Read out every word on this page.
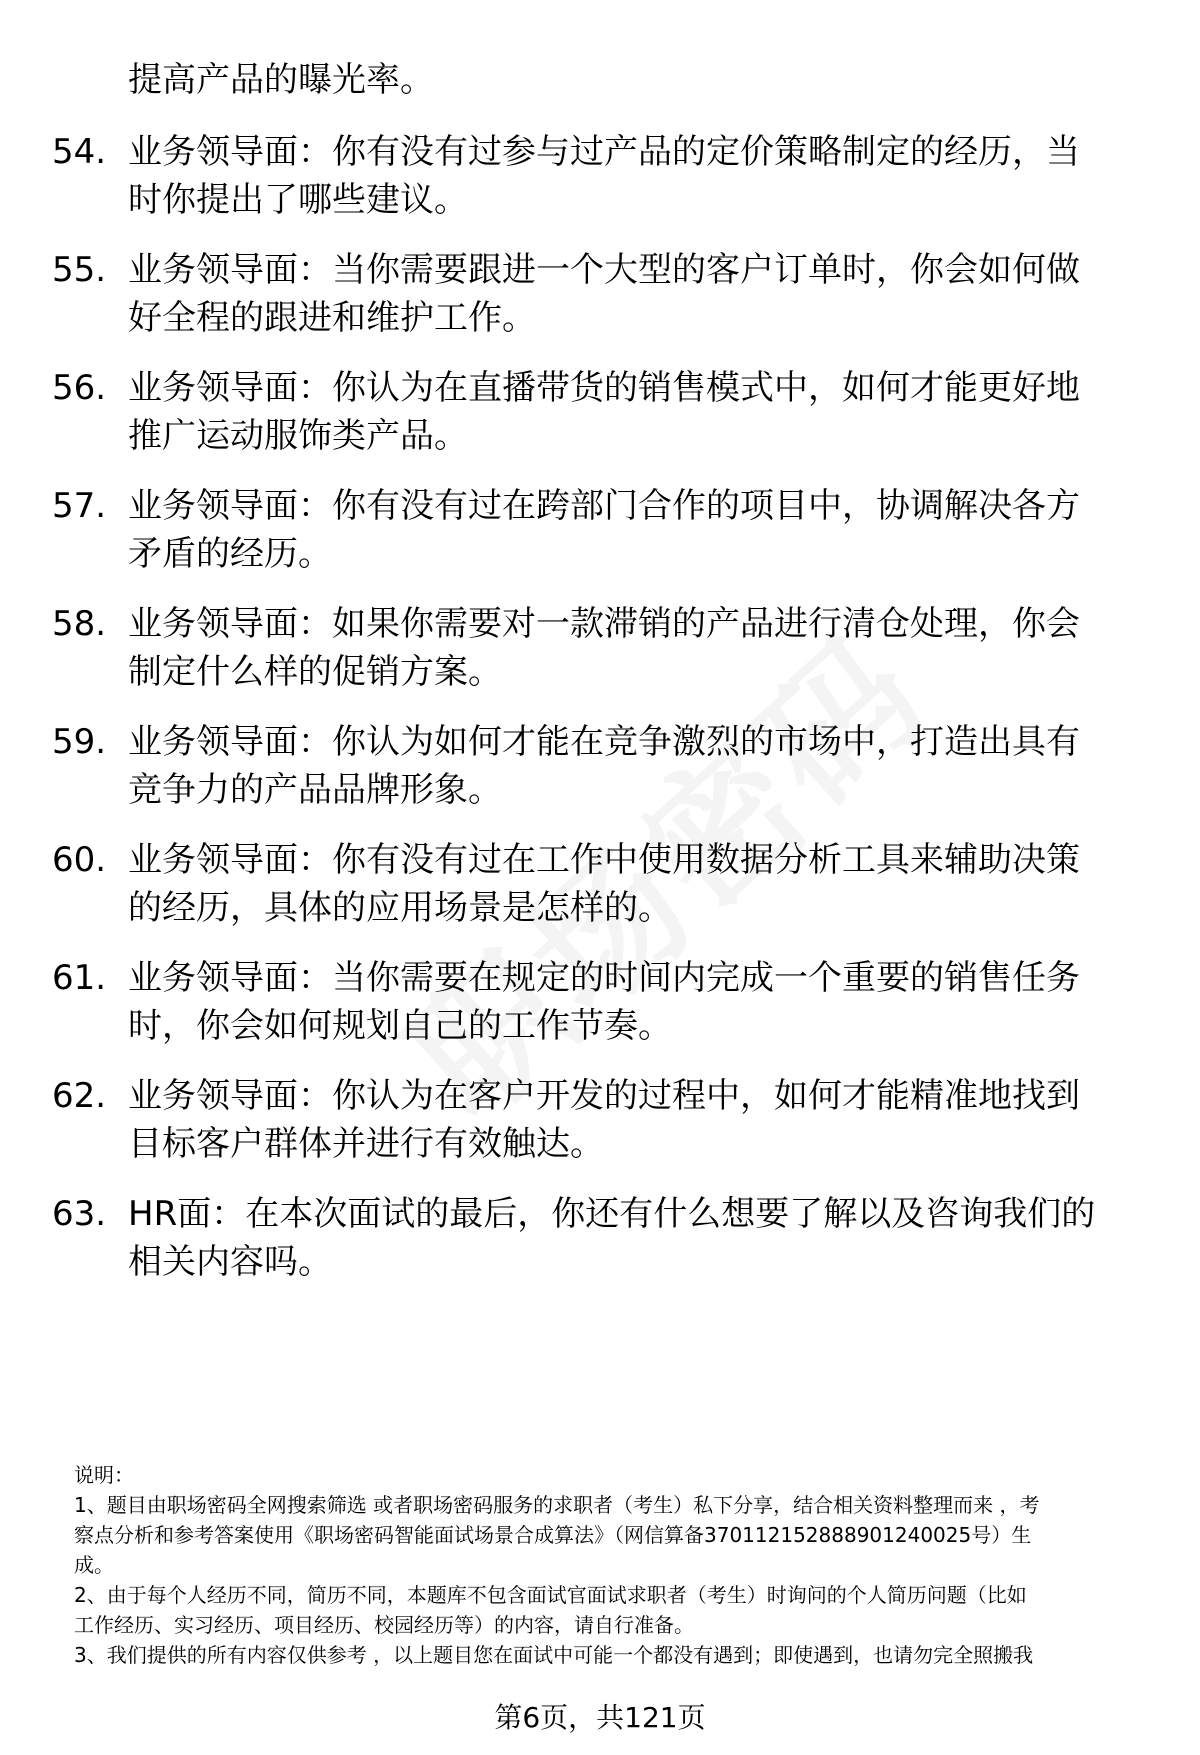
提高产品的曝光率。
54. 业务领导面：你有没有过参与过产品的定价策略制定的经历，当
时你提出了哪些建议。
55. 业务领导面：当你需要跟进一个大型的客户订单时，你会如何做
好全程的跟进和维护工作。
56. 业务领导面：你认为在直播带货的销售模式中，如何才能更好地
推广运动服饰类产品。
57. 业务领导面：你有没有过在跨部门合作的项目中，协调解决各方
矛盾的经历。
58. 业务领导面：如果你需要对一款滞销的产品进行清仓处理，你会
制定什么样的促销方案。
59. 业务领导面：你认为如何才能在竞争激烈的市场中，打造出具有
竞争力的产品品牌形象。
60. 业务领导面：你有没有过在工作中使用数据分析工具来辅助决策
的经历，具体的应用场景是怎样的。
61. 业务领导面：当你需要在规定的时间内完成一个重要的销售任务
时，你会如何规划自己的工作节奏。
62. 业务领导面：你认为在客户开发的过程中，如何才能精准地找到
目标客户群体并进行有效触达。
63. HR面：在本次面试的最后，你还有什么想要了解以及咨询我们的
相关内容吗。
说明：
1、题目由职场密码全网搜索筛选 或者职场密码服务的求职者（考生）私下分享，结合相关资料整理而来 ，考
察点分析和参考答案使用《职场密码智能面试场景合成算法》（网信算备370112152888901240025号）生
成。
2、由于每个人经历不同，简历不同，本题库不包含面试官面试求职者（考生）时询问的个人简历问题（比如
工作经历、实习经历、项目经历、校园经历等）的内容，请自行准备。
3、我们提供的所有内容仅供参考 ，以上题目您在面试中可能一个都没有遇到；即使遇到，也请勿完全照搬我
第6页，共121页
